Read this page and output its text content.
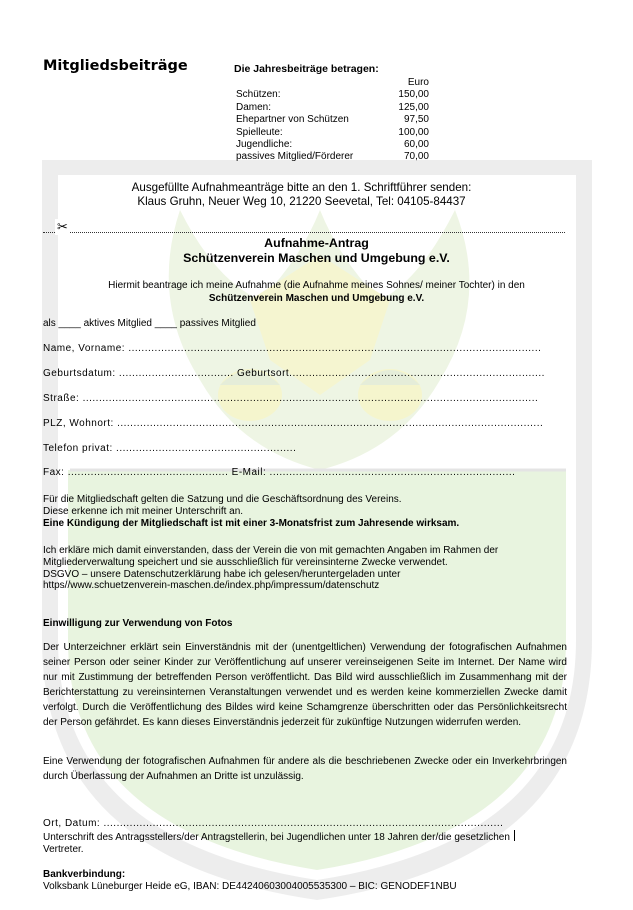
Mitgliedsbeiträge	Die Jahresbeiträge betragen:
Euro
Schützen:	150,00
Damen:	125,00
Ehepartner von Schützen	97,50
Spielleute:	100,00
Jugendliche:	60,00
passives Mitglied/Förderer	70,00
Ausgefüllte Aufnahmeanträge bitte an den 1. Schriftführer senden:
Klaus Gruhn, Neuer Weg 10, 21220 Seevetal, Tel: 04105-84437
✂
Aufnahme-Antrag
Schützenverein Maschen und Umgebung e.V.
Hiermit beantrage ich meine Aufnahme (die Aufnahme meines Sohnes/ meiner Tochter) in den
Schützenverein Maschen und Umgebung e.V.
als ____ aktives Mitglied ____ passives Mitglied
Name, Vorname: ..............................................................................................................................
Geburtsdatum: ................................... Geburtsort..............................................................................
Straße: ...........................................................................................................................................
PLZ, Wohnort: ..................................................................................................................................
Telefon privat: .......................................................
Fax: ................................................. E-Mail: ...........................................................................
Für die Mitgliedschaft gelten die Satzung und die Geschäftsordnung des Vereins.
Diese erkenne ich mit meiner Unterschrift an.
Eine Kündigung der Mitgliedschaft ist mit einer 3-Monatsfrist zum Jahresende wirksam.
Ich erkläre mich damit einverstanden, dass der Verein die von mit gemachten Angaben im Rahmen der
Mitgliederverwaltung speichert und sie ausschließlich für vereinsinterne Zwecke verwendet.
DSGVO – unsere Datenschutzerklärung habe ich gelesen/heruntergeladen unter
https//www.schuetzenverein-maschen.de/index.php/impressum/datenschutz
Einwilligung zur Verwendung von Fotos
Der Unterzeichner erklärt sein Einverständnis mit der (unentgeltlichen) Verwendung der fotografischen Aufnahmen seiner Person oder seiner Kinder zur Veröffentlichung auf unserer vereinseigenen Seite im Internet. Der Name wird nur mit Zustimmung der betreffenden Person veröffentlicht. Das Bild wird ausschließlich im Zusammenhang mit der Berichterstattung zu vereinsinternen Veranstaltungen verwendet und es werden keine kommerziellen Zwecke damit verfolgt. Durch die Veröffentlichung des Bildes wird keine Schamgrenze überschritten oder das Persönlichkeitsrecht der Person gefährdet. Es kann dieses Einverständnis jederzeit für zukünftige Nutzungen widerrufen werden.
Eine Verwendung der fotografischen Aufnahmen für andere als die beschriebenen Zwecke oder ein Inverkehrbringen durch Überlassung der Aufnahmen an Dritte ist unzulässig.
Ort, Datum: ..........................................................................................................................
Unterschrift des Antragsstellers/der Antragstellerin, bei Jugendlichen unter 18 Jahren der/die gesetzlichen
Vertreter.
Bankverbindung:
Volksbank Lüneburger Heide eG, IBAN: DE44240603004005535300 – BIC: GENODEF1NBU
